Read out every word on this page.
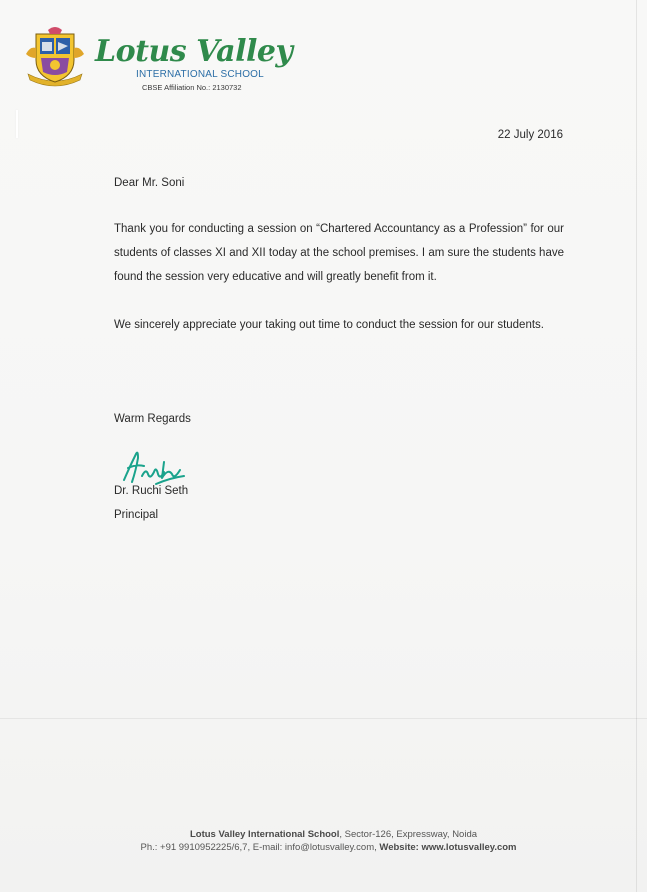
Lotus Valley
INTERNATIONAL SCHOOL
CBSE Affiliation No.: 2130732
22 July 2016
Dear Mr. Soni
Thank you for conducting a session on “Chartered Accountancy as a Profession” for our students of classes XI and XII today at the school premises. I am sure the students have found the session very educative and will greatly benefit from it.
We sincerely appreciate your taking out time to conduct the session for our students.
Warm Regards
Dr. Ruchi Seth
Principal
Lotus Valley International School, Sector-126, Expressway, Noida
Ph.: +91 9910952225/6,7, E-mail: info@lotusvalley.com, Website: www.lotusvalley.com
